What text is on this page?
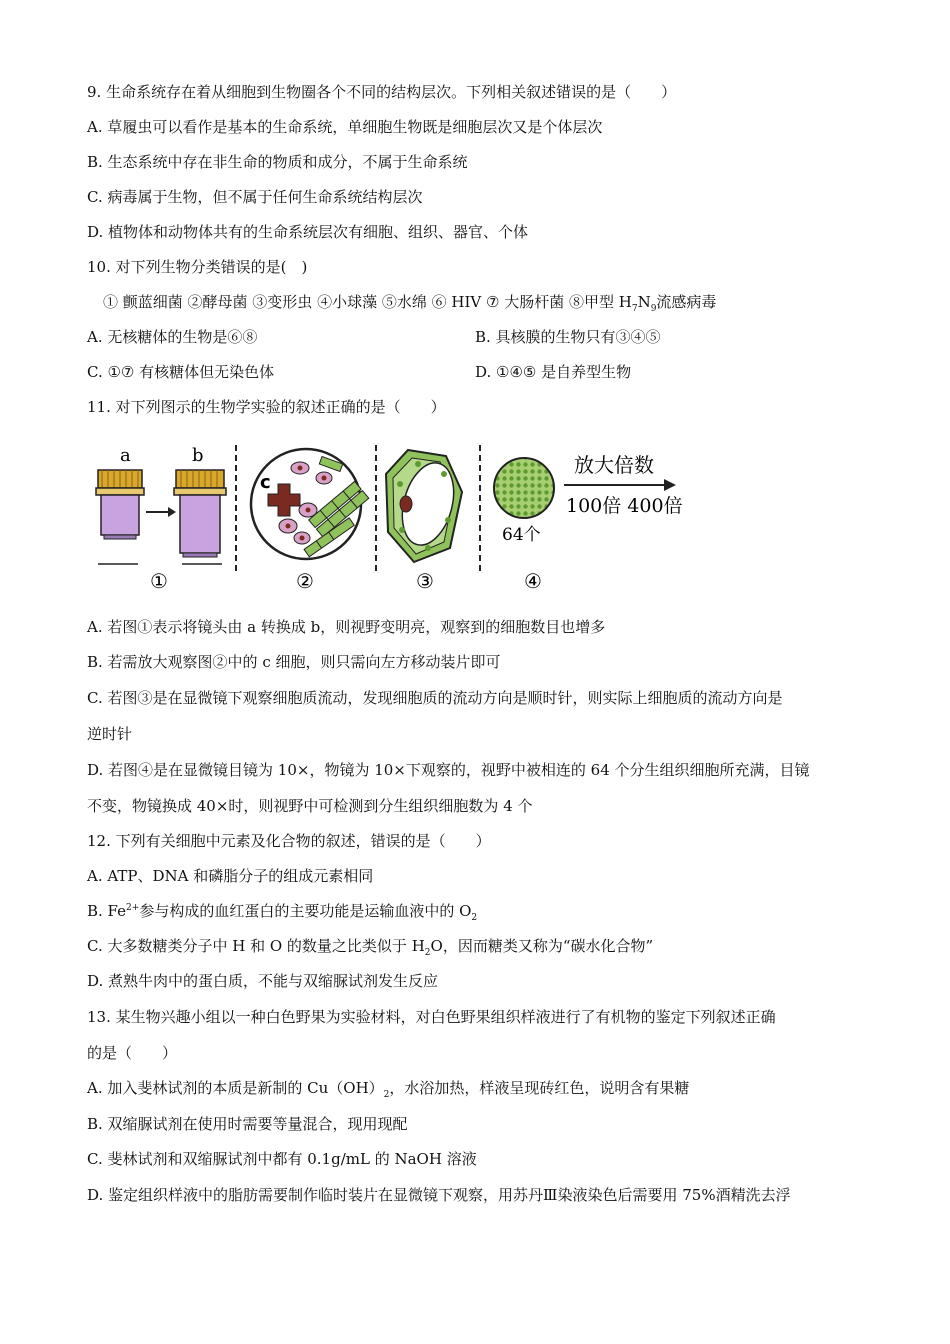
9. 生命系统存在着从细胞到生物圈各个不同的结构层次。下列相关叙述错误的是（　　）
A. 草履虫可以看作是基本的生命系统，单细胞生物既是细胞层次又是个体层次
B. 生态系统中存在非生命的物质和成分，不属于生命系统
C. 病毒属于生物，但不属于任何生命系统结构层次
D. 植物体和动物体共有的生命系统层次有细胞、组织、器官、个体
10. 对下列生物分类错误的是(　)
① 颤蓝细菌 ②酵母菌 ③变形虫 ④小球藻 ⑤水绵 ⑥ HIV ⑦ 大肠杆菌 ⑧甲型 $H_7N_9$流感病毒
A. 无核糖体的生物是⑥⑧	B. 具核膜的生物只有③④⑤
C. ①⑦ 有核糖体但无染色体	D. ①④⑤ 是自养型生物
11. 对下列图示的生物学实验的叙述正确的是（　　）
a	b
①
c
②	③
64个
放大倍数
100倍 400倍
④
A. 若图①表示将镜头由 a 转换成 b，则视野变明亮，观察到的细胞数目也增多
B. 若需放大观察图②中的 c 细胞，则只需向左方移动装片即可
C. 若图③是在显微镜下观察细胞质流动，发现细胞质的流动方向是顺时针，则实际上细胞质的流动方向是
逆时针
D. 若图④是在显微镜目镜为 10×，物镜为 10×下观察的，视野中被相连的 64 个分生组织细胞所充满，目镜
不变，物镜换成 40×时，则视野中可检测到分生组织细胞数为 4 个
12. 下列有关细胞中元素及化合物的叙述，错误的是（　　）
A. ATP、DNA 和磷脂分子的组成元素相同
B. $Fe^{2+}$参与构成的血红蛋白的主要功能是运输血液中的 $O_2$
C. 大多数糖类分子中 H 和 O 的数量之比类似于 $H_2O$，因而糖类又称为“碳水化合物”
D. 煮熟牛肉中的蛋白质，不能与双缩脲试剂发生反应
13. 某生物兴趣小组以一种白色野果为实验材料，对白色野果组织样液进行了有机物的鉴定下列叙述正确
的是（　　）
A. 加入斐林试剂的本质是新制的 $Cu(OH)_2$，水浴加热，样液呈现砖红色，说明含有果糖
B. 双缩脲试剂在使用时需要等量混合，现用现配
C. 斐林试剂和双缩脲试剂中都有 0.1g/mL 的 NaOH 溶液
D. 鉴定组织样液中的脂肪需要制作临时装片在显微镜下观察，用苏丹Ⅲ染液染色后需要用 75%酒精洗去浮
